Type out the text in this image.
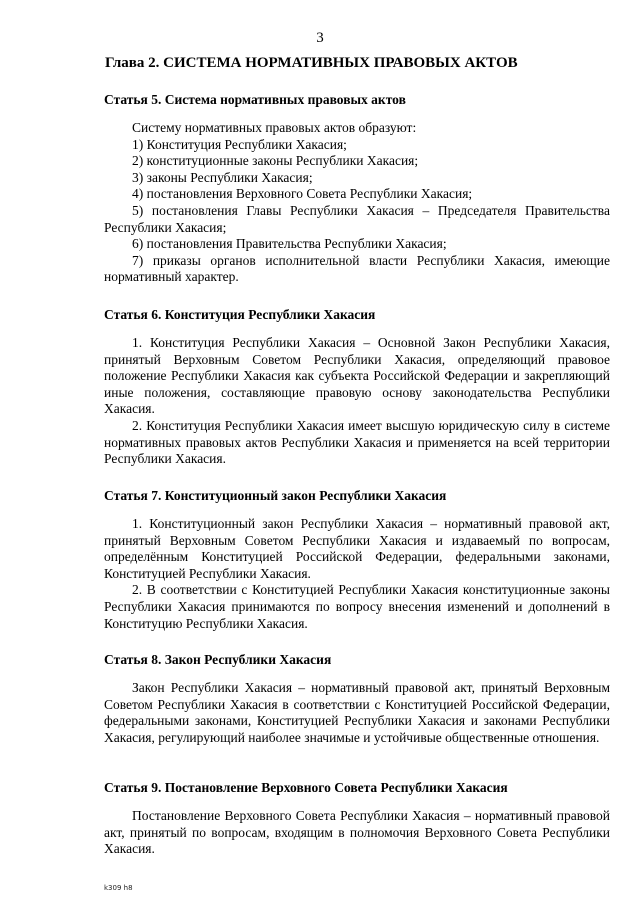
3
Глава 2. СИСТЕМА НОРМАТИВНЫХ ПРАВОВЫХ АКТОВ
Статья 5. Система нормативных правовых актов
Систему нормативных правовых актов образуют:
1) Конституция Республики Хакасия;
2) конституционные законы Республики Хакасия;
3) законы Республики Хакасия;
4) постановления Верховного Совета Республики Хакасия;
5) постановления Главы Республики Хакасия – Председателя Правительства Республики Хакасия;
6) постановления Правительства Республики Хакасия;
7) приказы органов исполнительной власти Республики Хакасия, имеющие нормативный характер.
Статья 6. Конституция Республики Хакасия
1. Конституция Республики Хакасия – Основной Закон Республики Хакасия, принятый Верховным Советом Республики Хакасия, определяющий правовое положение Республики Хакасия как субъекта Российской Федерации и закрепляющий иные положения, составляющие правовую основу законодательства Республики Хакасия.
2. Конституция Республики Хакасия имеет высшую юридическую силу в системе нормативных правовых актов Республики Хакасия и применяется на всей территории Республики Хакасия.
Статья 7. Конституционный закон Республики Хакасия
1. Конституционный закон Республики Хакасия – нормативный правовой акт, принятый Верховным Советом Республики Хакасия и издаваемый по вопросам, определённым Конституцией Российской Федерации, федеральными законами, Конституцией Республики Хакасия.
2. В соответствии с Конституцией Республики Хакасия конституционные законы Республики Хакасия принимаются по вопросу внесения изменений и дополнений в Конституцию Республики Хакасия.
Статья 8. Закон Республики Хакасия
Закон Республики Хакасия – нормативный правовой акт, принятый Верховным Советом Республики Хакасия в соответствии с Конституцией Российской Федерации, федеральными законами, Конституцией Республики Хакасия и законами Республики Хакасия, регулирующий наиболее значимые и устойчивые общественные отношения.
Статья 9. Постановление Верховного Совета Республики Хакасия
Постановление Верховного Совета Республики Хакасия – нормативный правовой акт, принятый по вопросам, входящим в полномочия Верховного Совета Республики Хакасия.
k309 h8
